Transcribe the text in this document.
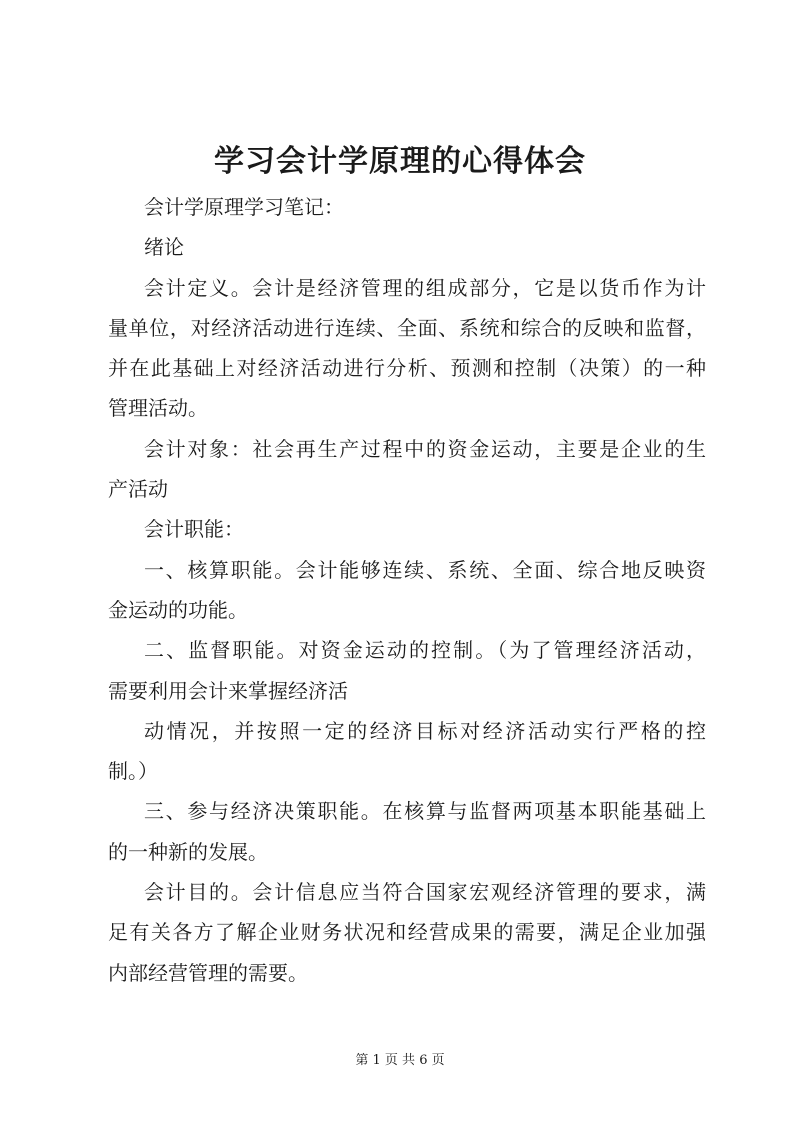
学习会计学原理的心得体会
会计学原理学习笔记：
绪论
会计定义。会计是经济管理的组成部分，它是以货币作为计
量单位，对经济活动进行连续、全面、系统和综合的反映和监督，
并在此基础上对经济活动进行分析、预测和控制（决策）的一种
管理活动。
会计对象：社会再生产过程中的资金运动，主要是企业的生
产活动
会计职能：
一、核算职能。会计能够连续、系统、全面、综合地反映资
金运动的功能。
二、监督职能。对资金运动的控制。（为了管理经济活动，
需要利用会计来掌握经济活
动情况，并按照一定的经济目标对经济活动实行严格的控
制。）
三、参与经济决策职能。在核算与监督两项基本职能基础上
的一种新的发展。
会计目的。会计信息应当符合国家宏观经济管理的要求，满
足有关各方了解企业财务状况和经营成果的需要，满足企业加强
内部经营管理的需要。
第 1 页 共 6 页
